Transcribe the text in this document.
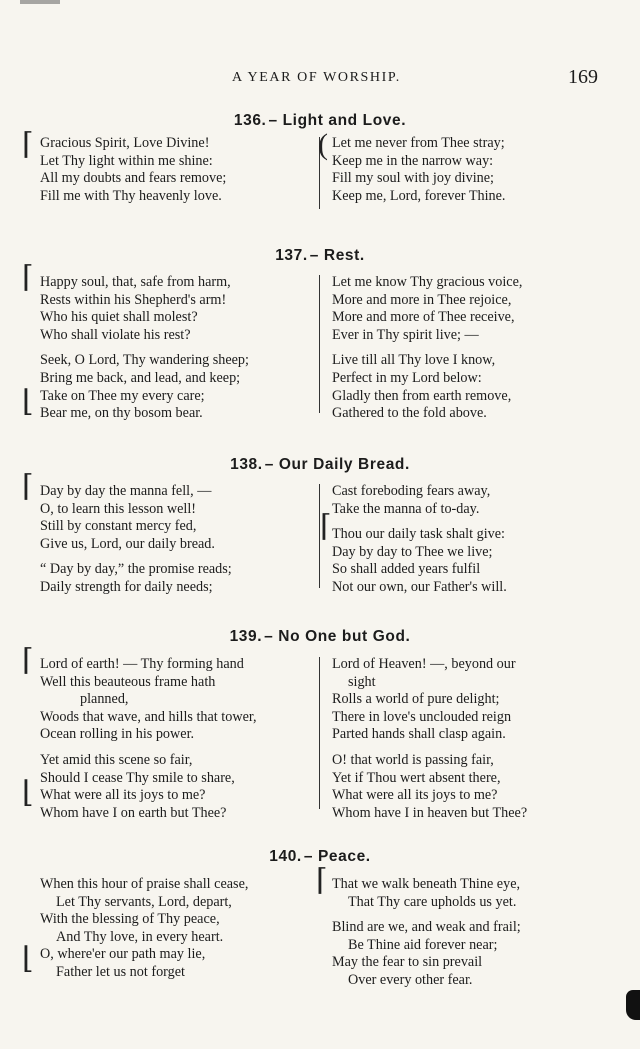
A YEAR OF WORSHIP.	169
136. – Light and Love.
⌈ Gracious Spirit, Love Divine!
Let Thy light within me shine:
All my doubts and fears remove;
Fill me with Thy heavenly love.
( Let me never from Thee stray;
Keep me in the narrow way:
Fill my soul with joy divine;
Keep me, Lord, forever Thine.
137. – Rest.
⌈ Happy soul, that, safe from harm,
Rests within his Shepherd's arm!
Who his quiet shall molest?
Who shall violate his rest?
Seek, O Lord, Thy wandering sheep;
Bring me back, and lead, and keep;
Take on Thee my every care;
Bear me, on thy bosom bear.
⌊
Let me know Thy gracious voice,
More and more in Thee rejoice,
More and more of Thee receive,
Ever in Thy spirit live; —
Live till all Thy love I know,
Perfect in my Lord below:
Gladly then from earth remove,
Gathered to the fold above.
138. – Our Daily Bread.
⌈ Day by day the manna fell, —
O, to learn this lesson well!
Still by constant mercy fed,
Give us, Lord, our daily bread.
“ Day by day,” the promise reads;
Daily strength for daily needs;
⌈
Cast foreboding fears away,
Take the manna of to-day.
Thou our daily task shalt give:
Day by day to Thee we live;
So shall added years fulfil
Not our own, our Father's will.
139. – No One but God.
⌈ Lord of earth! — Thy forming hand
Well this beauteous frame hath
planned,
Woods that wave, and hills that tower,
Ocean rolling in his power.
Yet amid this scene so fair,
Should I cease Thy smile to share,
What were all its joys to me?
Whom have I on earth but Thee?
⌊
Lord of Heaven! —, beyond our
sight
Rolls a world of pure delight;
There in love's unclouded reign
Parted hands shall clasp again.
O! that world is passing fair,
Yet if Thou wert absent there,
What were all its joys to me?
Whom have I in heaven but Thee?
140. – Peace.
When this hour of praise shall cease,
Let Thy servants, Lord, depart,
With the blessing of Thy peace,
And Thy love, in every heart.
O, where'er our path may lie,
Father let us not forget
⌊
⌈ That we walk beneath Thine eye,
That Thy care upholds us yet.
Blind are we, and weak and frail;
Be Thine aid forever near;
May the fear to sin prevail
Over every other fear.
